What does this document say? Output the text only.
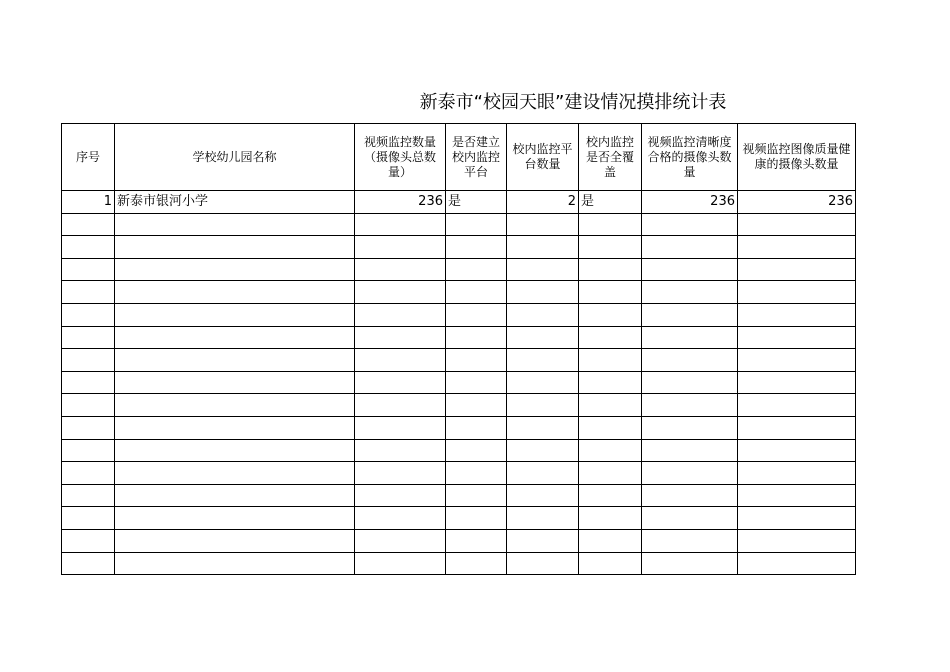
新泰市“校园天眼”建设情况摸排统计表
序号	学校幼儿园名称	视频监控数量（摄像头总数量）	是否建立校内监控平台	校内监控平台数量	校内监控是否全覆盖	视频监控清晰度合格的摄像头数量	视频监控图像质量健康的摄像头数量
1	新泰市银河小学	236	是	2	是	236	236
